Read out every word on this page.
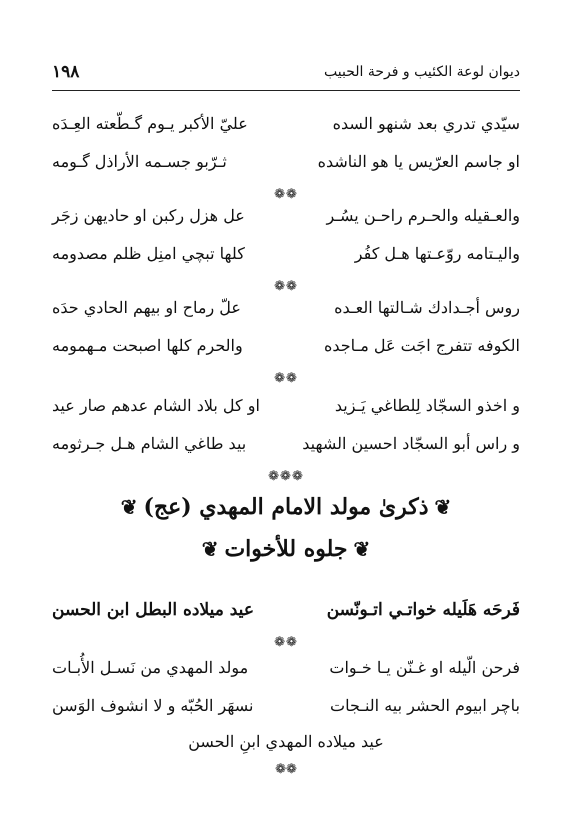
١٩٨	ديوان لوعة الكئيب و فرحة الحبيب
سيّدي تدري بعد شنهو السده
عليّ الأكبر يـوم گـطّعته العِـدَه
او جاسم العرّيس يا هو الناشده
ثـرّبو جسـمه الأراذل گـومه
❁❁
والعـقيله والحـرم راحـن يسُـر
عل هزل ركبن او حاديهن زجَر
واليـتامه روّعـتها هـل كفُر
كلها تبچي امنِل ظلم مصدومه
❁❁
روس أجـدادك شـالتها العـده
علّ رماح او بيهم الحادي حدَه
الكوفه تتفرج اجَت عَل مـاجده
والحرم كلها اصبحت مـهمومه
❁❁
و اخذو السجّاد لِلطاغي يَـزيد
او كل بلاد الشام عدهم صار عيد
و راس أبو السجّاد احسين الشهيد
بيد طاغي الشام هـل جـرثومه
❁❁❁
❦ذكرىٰ مولد الامام المهدي (عج)❦
❦جلوه للأخوات❦
فَرحَه هَلَيله خواتـي اتـونّسن
عيد ميلاده البطل ابن الحسن
❁❁
فرحن الّيله او غـنّن يـا خـوات
مولد المهدي من نَسـل الأُبـات
باچر ابيوم الحشر بيه النـجات
نسهَر الحُبّه و لا انشوف الوَسن
عيد ميلاده المهدي ابنِ الحسن
❁❁
